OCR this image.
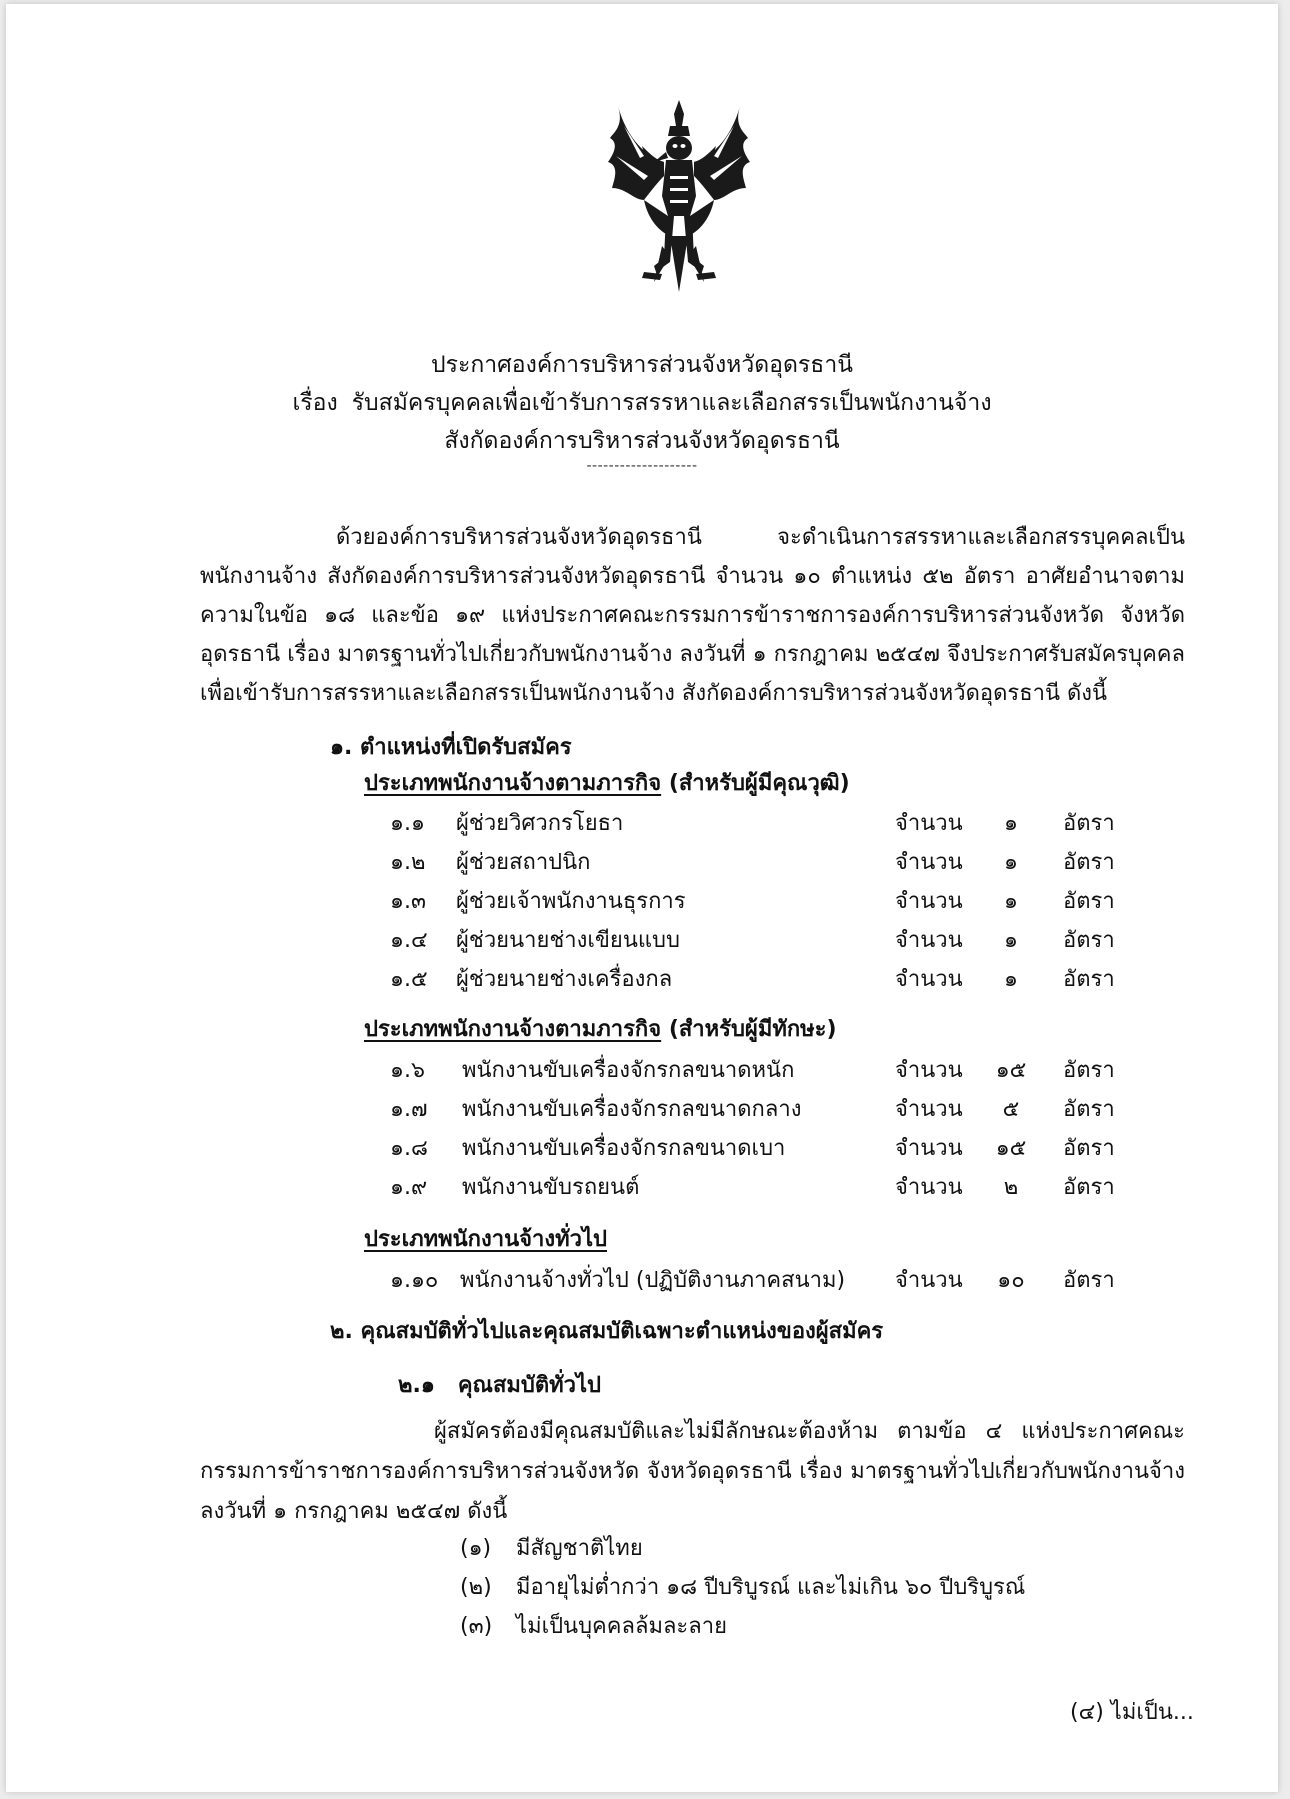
ประกาศองค์การบริหารส่วนจังหวัดอุดรธานี
เรื่อง รับสมัครบุคคลเพื่อเข้ารับการสรรหาและเลือกสรรเป็นพนักงานจ้าง
สังกัดองค์การบริหารส่วนจังหวัดอุดรธานี
--------------------
ด้วยองค์การบริหารส่วนจังหวัดอุดรธานี จะดำเนินการสรรหาและเลือกสรรบุคคลเป็นพนักงานจ้าง สังกัดองค์การบริหารส่วนจังหวัดอุดรธานี จำนวน ๑๐ ตำแหน่ง ๕๒ อัตรา อาศัยอำนาจตามความในข้อ ๑๘ และข้อ ๑๙ แห่งประกาศคณะกรรมการข้าราชการองค์การบริหารส่วนจังหวัด จังหวัดอุดรธานี เรื่อง มาตรฐานทั่วไปเกี่ยวกับพนักงานจ้าง ลงวันที่ ๑ กรกฎาคม ๒๕๔๗ จึงประกาศรับสมัครบุคคลเพื่อเข้ารับการสรรหาและเลือกสรรเป็นพนักงานจ้าง สังกัดองค์การบริหารส่วนจังหวัดอุดรธานี ดังนี้
๑. ตำแหน่งที่เปิดรับสมัคร
ประเภทพนักงานจ้างตามภารกิจ (สำหรับผู้มีคุณวุฒิ)
๑.๑ ผู้ช่วยวิศวกรโยธา	จำนวน	๑	อัตรา
๑.๒ ผู้ช่วยสถาปนิก	จำนวน	๑	อัตรา
๑.๓ ผู้ช่วยเจ้าพนักงานธุรการ	จำนวน	๑	อัตรา
๑.๔ ผู้ช่วยนายช่างเขียนแบบ	จำนวน	๑	อัตรา
๑.๕ ผู้ช่วยนายช่างเครื่องกล	จำนวน	๑	อัตรา
ประเภทพนักงานจ้างตามภารกิจ (สำหรับผู้มีทักษะ)
๑.๖ พนักงานขับเครื่องจักรกลขนาดหนัก	จำนวน	๑๕	อัตรา
๑.๗ พนักงานขับเครื่องจักรกลขนาดกลาง	จำนวน	๕	อัตรา
๑.๘ พนักงานขับเครื่องจักรกลขนาดเบา	จำนวน	๑๕	อัตรา
๑.๙ พนักงานขับรถยนต์	จำนวน	๒	อัตรา
ประเภทพนักงานจ้างทั่วไป
๑.๑๐ พนักงานจ้างทั่วไป (ปฏิบัติงานภาคสนาม) จำนวน	๑๐	อัตรา
๒. คุณสมบัติทั่วไปและคุณสมบัติเฉพาะตำแหน่งของผู้สมัคร
๒.๑ คุณสมบัติทั่วไป
ผู้สมัครต้องมีคุณสมบัติและไม่มีลักษณะต้องห้าม ตามข้อ ๔ แห่งประกาศคณะกรรมการข้าราชการองค์การบริหารส่วนจังหวัด จังหวัดอุดรธานี เรื่อง มาตรฐานทั่วไปเกี่ยวกับพนักงานจ้าง ลงวันที่ ๑ กรกฎาคม ๒๕๔๗ ดังนี้
(๑) มีสัญชาติไทย
(๒) มีอายุไม่ต่ำกว่า ๑๘ ปีบริบูรณ์ และไม่เกิน ๖๐ ปีบริบูรณ์
(๓) ไม่เป็นบุคคลล้มละลาย
(๔) ไม่เป็น...
